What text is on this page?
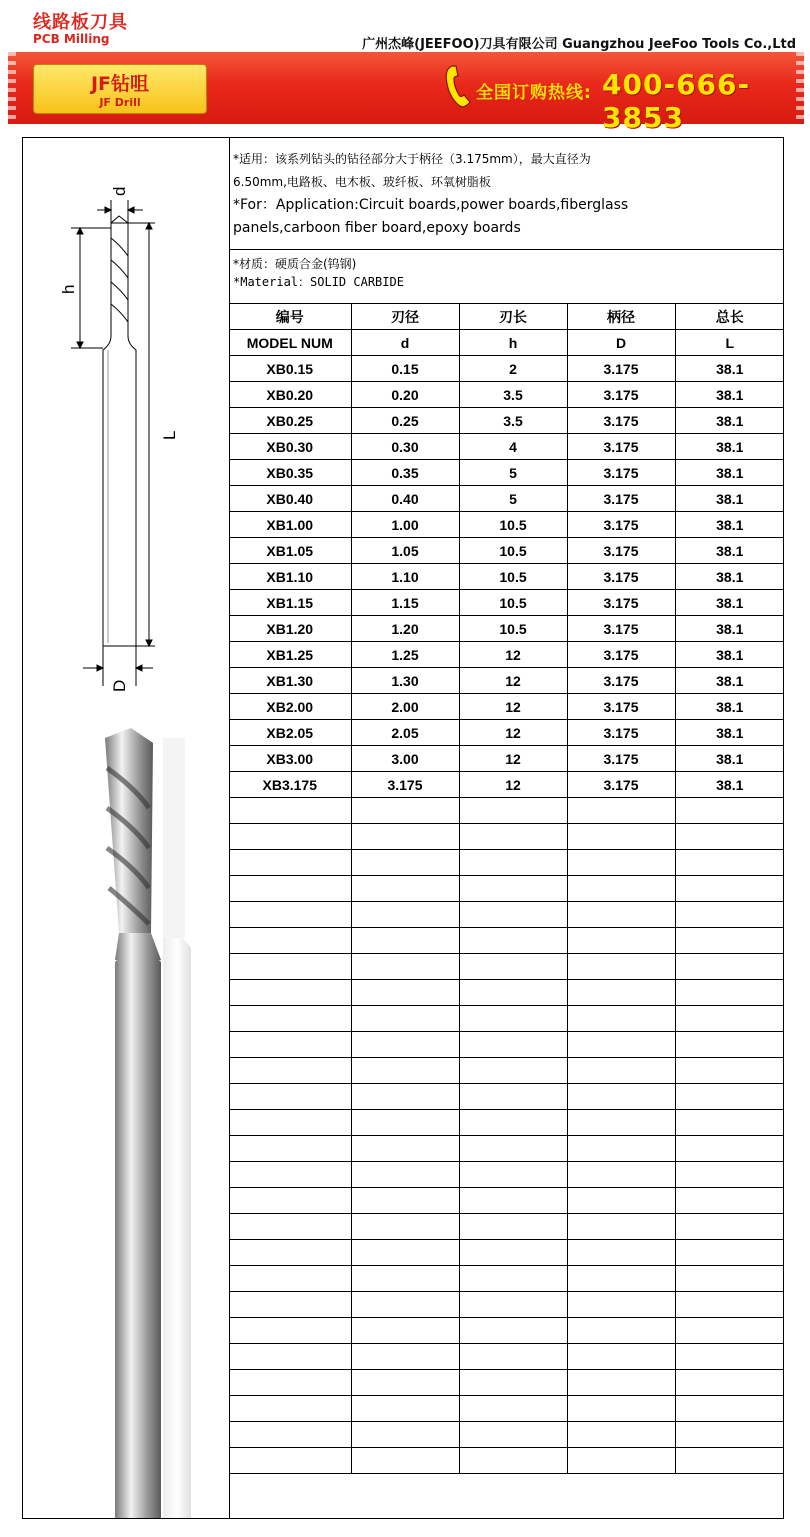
线路板刀具
PCB Milling	广州杰峰(JEEFOO)刀具有限公司 Guangzhou JeeFoo Tools Co.,Ltd
JF钻咀
JF Drill	全国订购热线: 400-666-3853
d
h
L
D
*适用：该系列钻头的钻径部分大于柄径（3.175mm），最大直径为
6.50mm,电路板、电木板、玻纤板、环氧树脂板
*For：Application:Circuit boards,power boards,fiberglass
panels,carboon fiber board,epoxy boards
*材质：硬质合金(钨钢)
*Material：SOLID CARBIDE
编号	刃径	刃长	柄径	总长
MODEL NUM	d	h	D	L
XB0.15	0.15	2	3.175	38.1
XB0.20	0.20	3.5	3.175	38.1
XB0.25	0.25	3.5	3.175	38.1
XB0.30	0.30	4	3.175	38.1
XB0.35	0.35	5	3.175	38.1
XB0.40	0.40	5	3.175	38.1
XB1.00	1.00	10.5	3.175	38.1
XB1.05	1.05	10.5	3.175	38.1
XB1.10	1.10	10.5	3.175	38.1
XB1.15	1.15	10.5	3.175	38.1
XB1.20	1.20	10.5	3.175	38.1
XB1.25	1.25	12	3.175	38.1
XB1.30	1.30	12	3.175	38.1
XB2.00	2.00	12	3.175	38.1
XB2.05	2.05	12	3.175	38.1
XB3.00	3.00	12	3.175	38.1
XB3.175	3.175	12	3.175	38.1
